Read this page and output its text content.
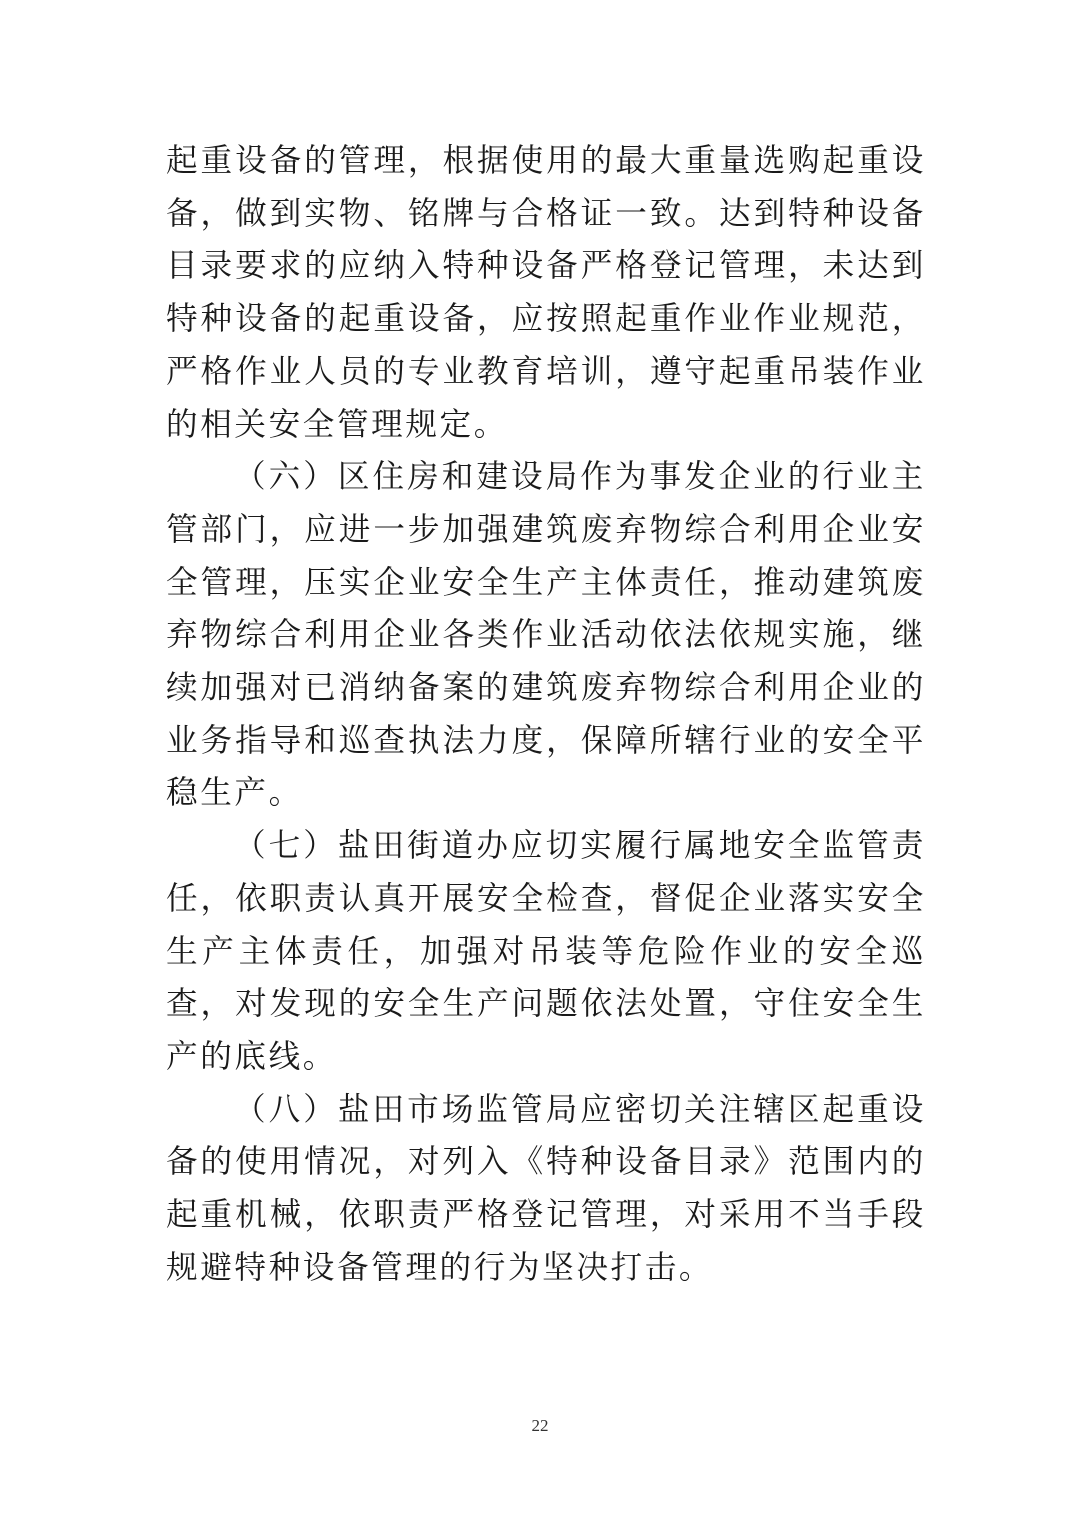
起重设备的管理，根据使用的最大重量选购起重设备，做到实物、铭牌与合格证一致。达到特种设备目录要求的应纳入特种设备严格登记管理，未达到特种设备的起重设备，应按照起重作业作业规范，严格作业人员的专业教育培训，遵守起重吊装作业的相关安全管理规定。

（六）区住房和建设局作为事发企业的行业主管部门，应进一步加强建筑废弃物综合利用企业安全管理，压实企业安全生产主体责任，推动建筑废弃物综合利用企业各类作业活动依法依规实施，继续加强对已消纳备案的建筑废弃物综合利用企业的业务指导和巡查执法力度，保障所辖行业的安全平稳生产。

（七）盐田街道办应切实履行属地安全监管责任，依职责认真开展安全检查，督促企业落实安全生产主体责任，加强对吊装等危险作业的安全巡查，对发现的安全生产问题依法处置，守住安全生产的底线。

（八）盐田市场监管局应密切关注辖区起重设备的使用情况，对列入《特种设备目录》范围内的起重机械，依职责严格登记管理，对采用不当手段规避特种设备管理的行为坚决打击。

22
